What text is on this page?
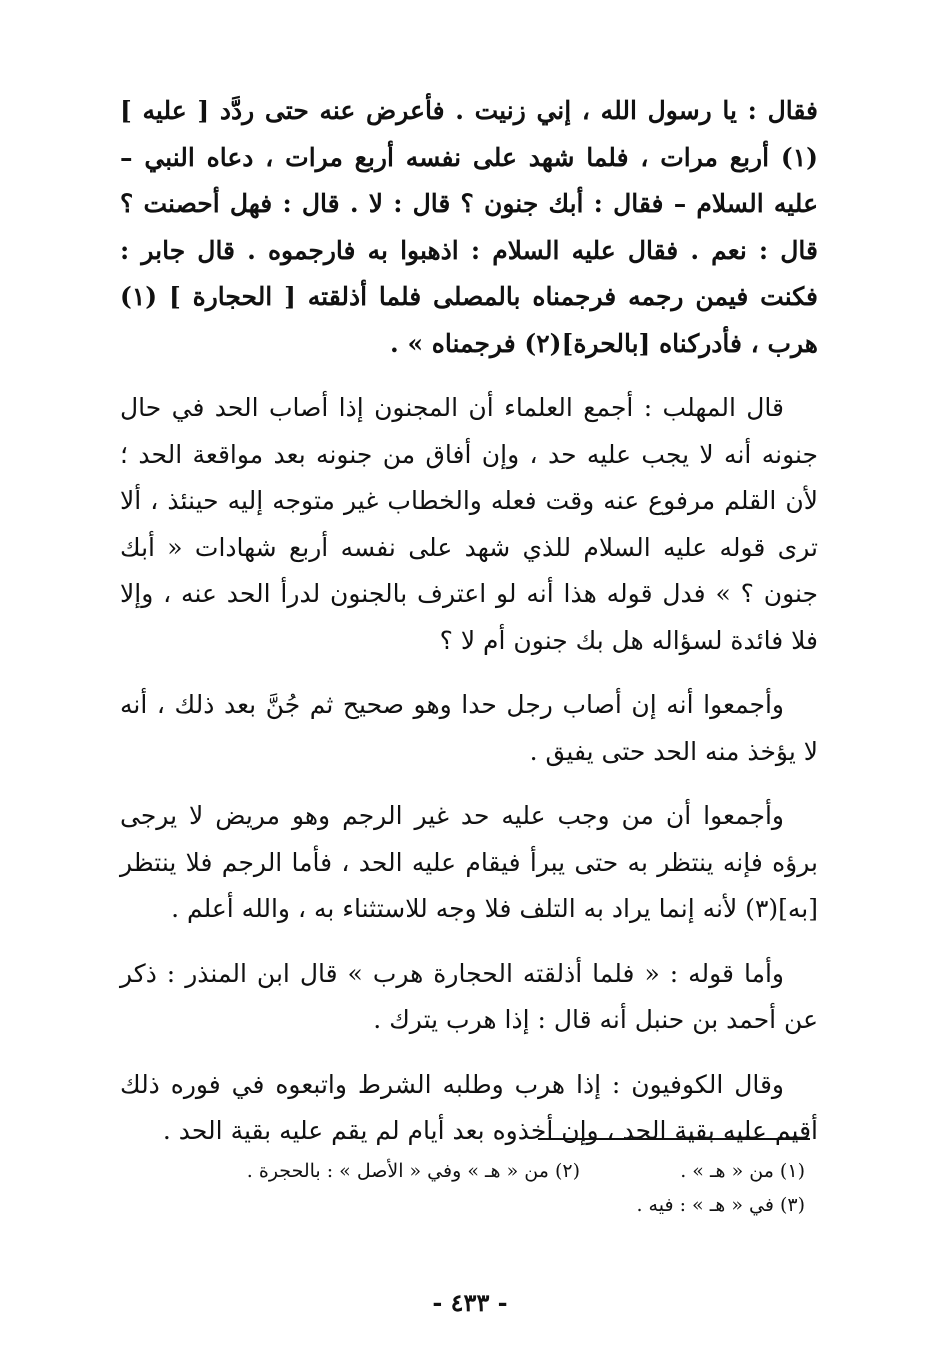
فقال : يا رسول الله ، إني زنيت . فأعرض عنه حتى ردَّد [ عليه ] (١) أربع مرات ، فلما شهد على نفسه أربع مرات ، دعاه النبي – عليه السلام – فقال : أبك جنون ؟ قال : لا . قال : فهل أحصنت ؟ قال : نعم . فقال عليه السلام : اذهبوا به فارجموه . قال جابر : فكنت فيمن رجمه فرجمناه بالمصلى فلما أذلقته [ الحجارة ] (١) هرب ، فأدركناه [بالحرة](٢) فرجمناه » .

قال المهلب : أجمع العلماء أن المجنون إذا أصاب الحد في حال جنونه أنه لا يجب عليه حد ، وإن أفاق من جنونه بعد مواقعة الحد ؛ لأن القلم مرفوع عنه وقت فعله والخطاب غير متوجه إليه حينئذ ، ألا ترى قوله عليه السلام للذي شهد على نفسه أربع شهادات « أبك جنون ؟ » فدل قوله هذا أنه لو اعترف بالجنون لدرأ الحد عنه ، وإلا فلا فائدة لسؤاله هل بك جنون أم لا ؟

وأجمعوا أنه إن أصاب رجل حدا وهو صحيح ثم جُنَّ بعد ذلك ، أنه لا يؤخذ منه الحد حتى يفيق .

وأجمعوا أن من وجب عليه حد غير الرجم وهو مريض لا يرجى برؤه فإنه ينتظر به حتى يبرأ فيقام عليه الحد ، فأما الرجم فلا ينتظر [به](٣) لأنه إنما يراد به التلف فلا وجه للاستثناء به ، والله أعلم .

وأما قوله : « فلما أذلقته الحجارة هرب » قال ابن المنذر : ذكر عن أحمد بن حنبل أنه قال : إذا هرب يترك .

وقال الكوفيون : إذا هرب وطلبه الشرط واتبعوه في فوره ذلك أقيم عليه بقية الحد ، وإن أخذوه بعد أيام لم يقم عليه بقية الحد .

(١) من « هـ » .
(٢) من « هـ » وفي « الأصل » : بالحجرة .
(٣) في « هـ » : فيه .
- ٤٣٣ -
